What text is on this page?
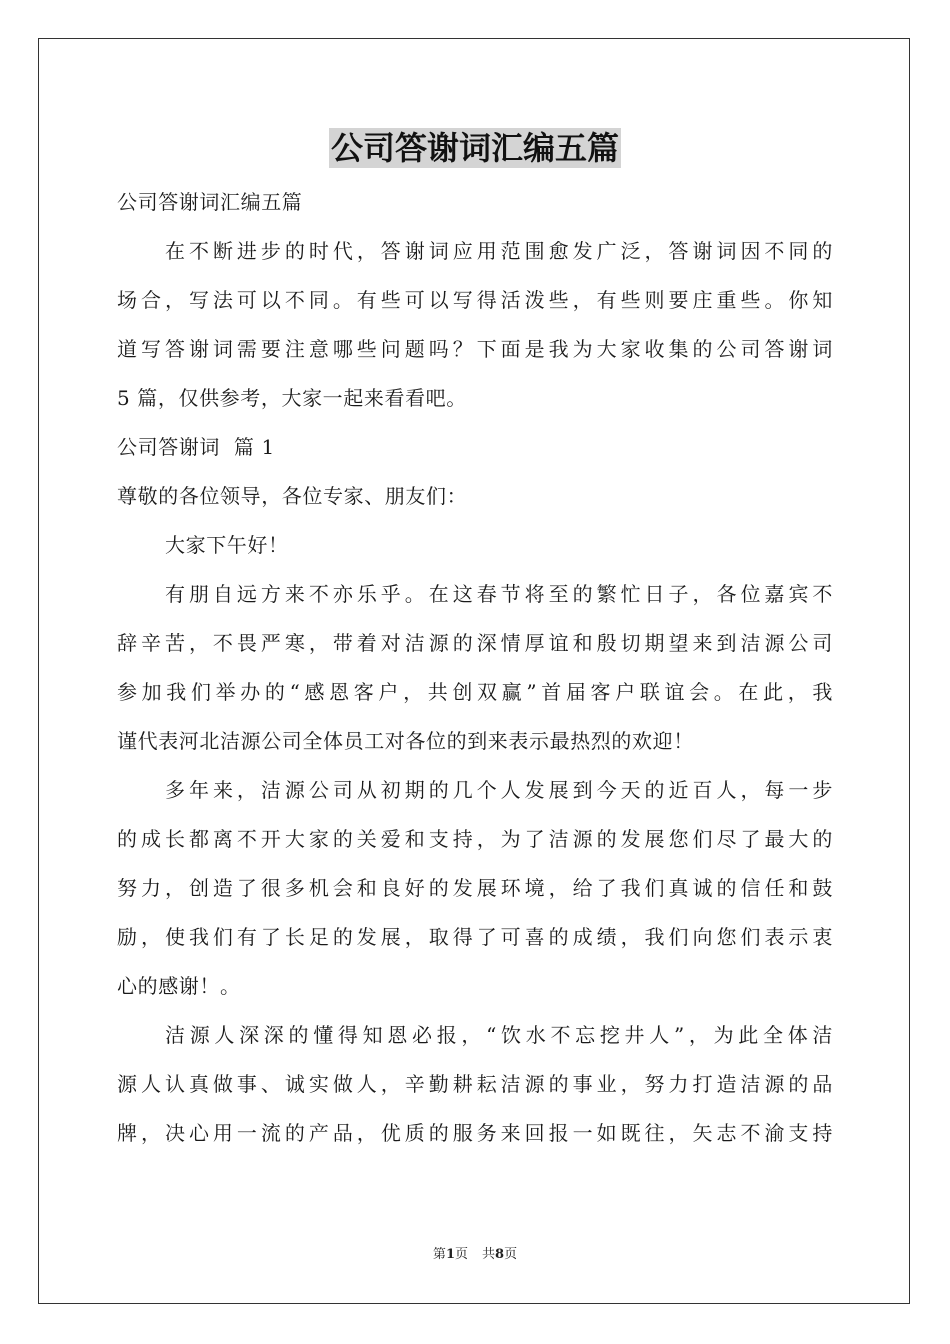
公司答谢词汇编五篇
公司答谢词汇编五篇
在不断进步的时代，答谢词应用范围愈发广泛，答谢词因不同的
场合，写法可以不同。有些可以写得活泼些，有些则要庄重些。你知
道写答谢词需要注意哪些问题吗？下面是我为大家收集的公司答谢词
5 篇，仅供参考，大家一起来看看吧。
公司答谢词  篇 1
尊敬的各位领导，各位专家、朋友们：
大家下午好！
有朋自远方来不亦乐乎。在这春节将至的繁忙日子，各位嘉宾不
辞辛苦，不畏严寒，带着对洁源的深情厚谊和殷切期望来到洁源公司
参加我们举办的“感恩客户，共创双赢”首届客户联谊会。在此，我
谨代表河北洁源公司全体员工对各位的到来表示最热烈的欢迎！
多年来，洁源公司从初期的几个人发展到今天的近百人，每一步
的成长都离不开大家的关爱和支持，为了洁源的发展您们尽了最大的
努力，创造了很多机会和良好的发展环境，给了我们真诚的信任和鼓
励，使我们有了长足的发展，取得了可喜的成绩，我们向您们表示衷
心的感谢！。
洁源人深深的懂得知恩必报，“饮水不忘挖井人”，为此全体洁
源人认真做事、诚实做人，辛勤耕耘洁源的事业，努力打造洁源的品
牌，决心用一流的产品，优质的服务来回报一如既往，矢志不渝支持
第1页 共8页
